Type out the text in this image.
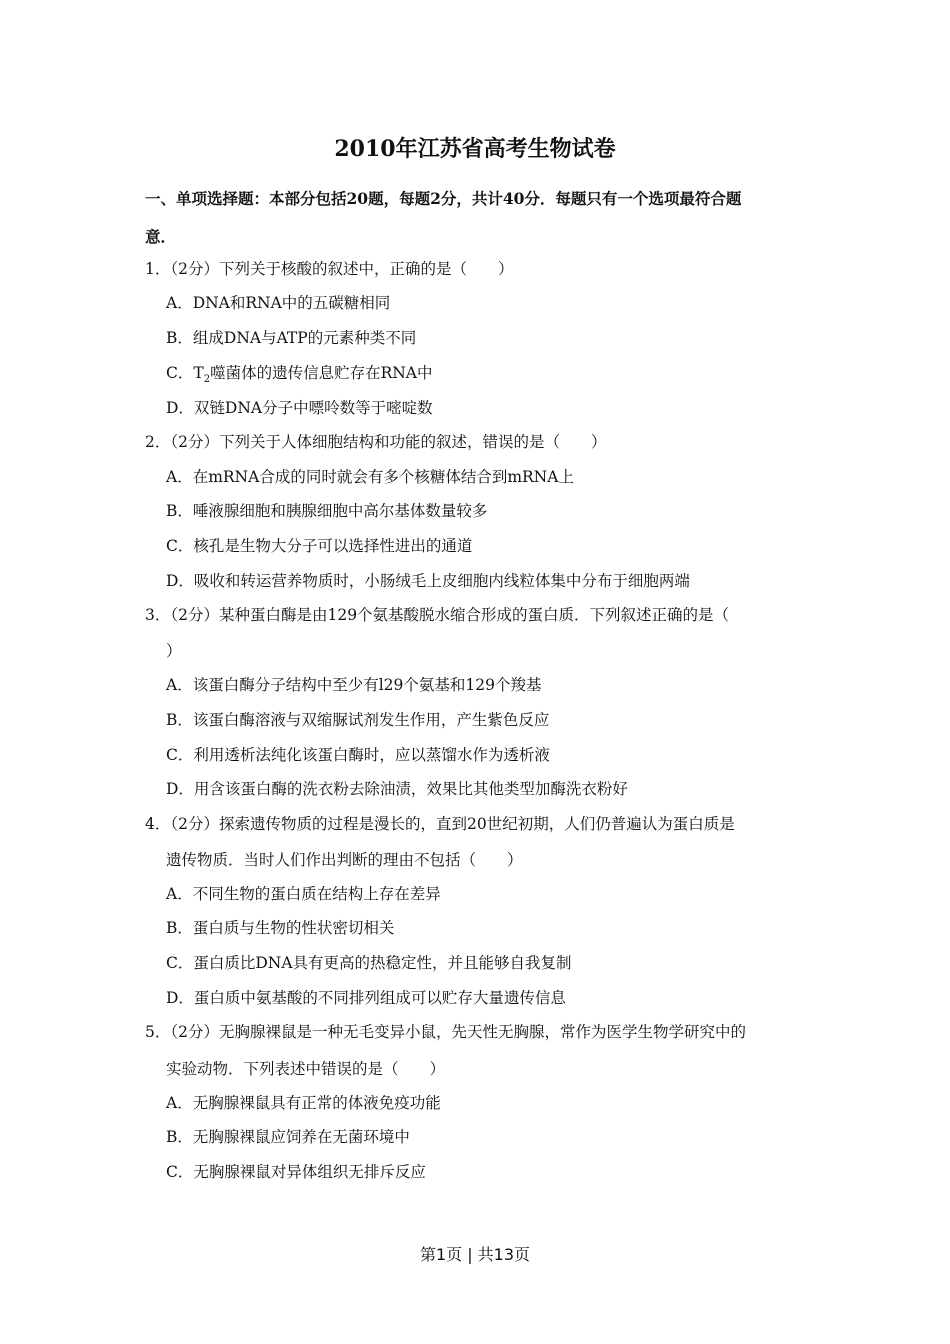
2010年江苏省高考生物试卷
一、单项选择题：本部分包括20题，每题2分，共计40分．每题只有一个选项最符合题
意．
1．（2分）下列关于核酸的叙述中，正确的是（　　）
A．DNA和RNA中的五碳糖相同
B．组成DNA与ATP的元素种类不同
C．$T_2$噬菌体的遗传信息贮存在RNA中
D．双链DNA分子中嘌呤数等于嘧啶数
2．（2分）下列关于人体细胞结构和功能的叙述，错误的是（　　）
A．在mRNA合成的同时就会有多个核糖体结合到mRNA上
B．唾液腺细胞和胰腺细胞中高尔基体数量较多
C．核孔是生物大分子可以选择性进出的通道
D．吸收和转运营养物质时，小肠绒毛上皮细胞内线粒体集中分布于细胞两端
3．（2分）某种蛋白酶是由129个氨基酸脱水缩合形成的蛋白质．下列叙述正确的是（
）
A．该蛋白酶分子结构中至少有l29个氨基和129个羧基
B．该蛋白酶溶液与双缩脲试剂发生作用，产生紫色反应
C．利用透析法纯化该蛋白酶时，应以蒸馏水作为透析液
D．用含该蛋白酶的洗衣粉去除油渍，效果比其他类型加酶洗衣粉好
4．（2分）探索遗传物质的过程是漫长的，直到20世纪初期，人们仍普遍认为蛋白质是
遗传物质．当时人们作出判断的理由不包括（　　）
A．不同生物的蛋白质在结构上存在差异
B．蛋白质与生物的性状密切相关
C．蛋白质比DNA具有更高的热稳定性，并且能够自我复制
D．蛋白质中氨基酸的不同排列组成可以贮存大量遗传信息
5．（2分）无胸腺裸鼠是一种无毛变异小鼠，先天性无胸腺，常作为医学生物学研究中的
实验动物．下列表述中错误的是（　　）
A．无胸腺裸鼠具有正常的体液免疫功能
B．无胸腺裸鼠应饲养在无菌环境中
C．无胸腺裸鼠对异体组织无排斥反应
第1页 | 共13页
